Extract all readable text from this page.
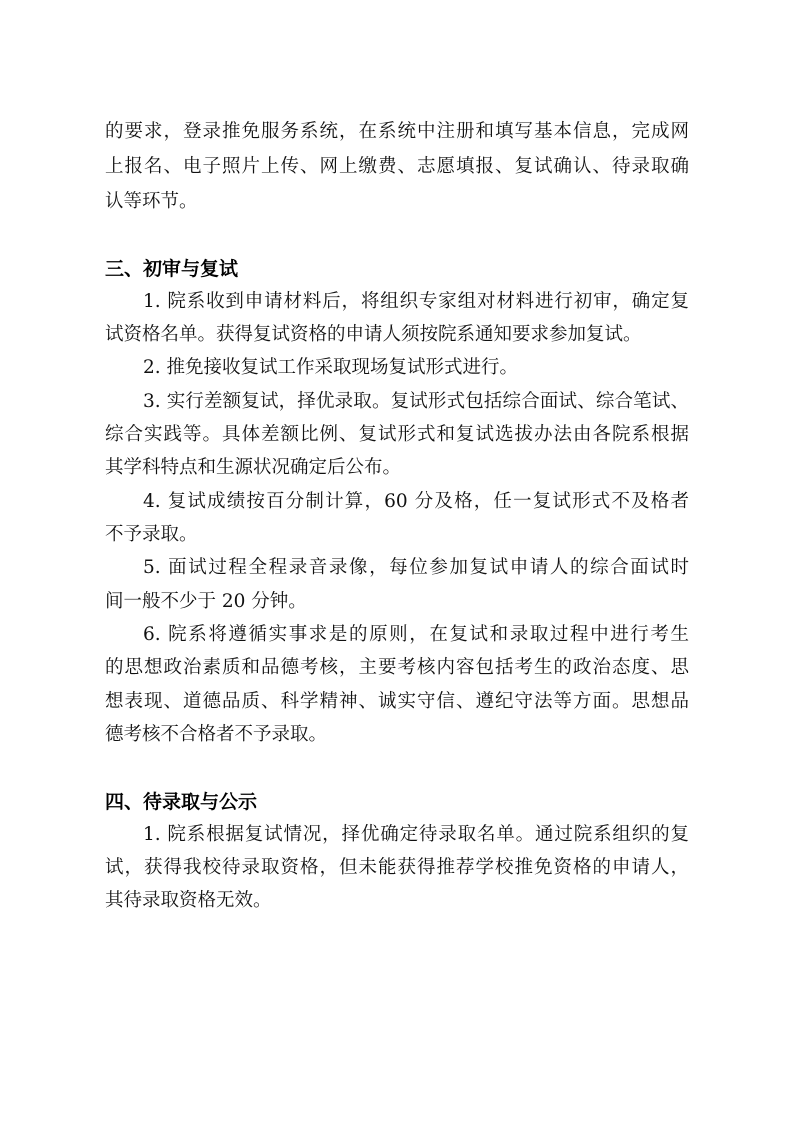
的要求，登录推免服务系统，在系统中注册和填写基本信息，完成网
上报名、电子照片上传、网上缴费、志愿填报、复试确认、待录取确
认等环节。
三、初审与复试
1. 院系收到申请材料后，将组织专家组对材料进行初审，确定复
试资格名单。获得复试资格的申请人须按院系通知要求参加复试。
2. 推免接收复试工作采取现场复试形式进行。
3. 实行差额复试，择优录取。复试形式包括综合面试、综合笔试、
综合实践等。具体差额比例、复试形式和复试选拔办法由各院系根据
其学科特点和生源状况确定后公布。
4. 复试成绩按百分制计算，60 分及格，任一复试形式不及格者
不予录取。
5. 面试过程全程录音录像，每位参加复试申请人的综合面试时
间一般不少于 20 分钟。
6. 院系将遵循实事求是的原则，在复试和录取过程中进行考生
的思想政治素质和品德考核，主要考核内容包括考生的政治态度、思
想表现、道德品质、科学精神、诚实守信、遵纪守法等方面。思想品
德考核不合格者不予录取。
四、待录取与公示
1. 院系根据复试情况，择优确定待录取名单。通过院系组织的复
试，获得我校待录取资格，但未能获得推荐学校推免资格的申请人，
其待录取资格无效。
